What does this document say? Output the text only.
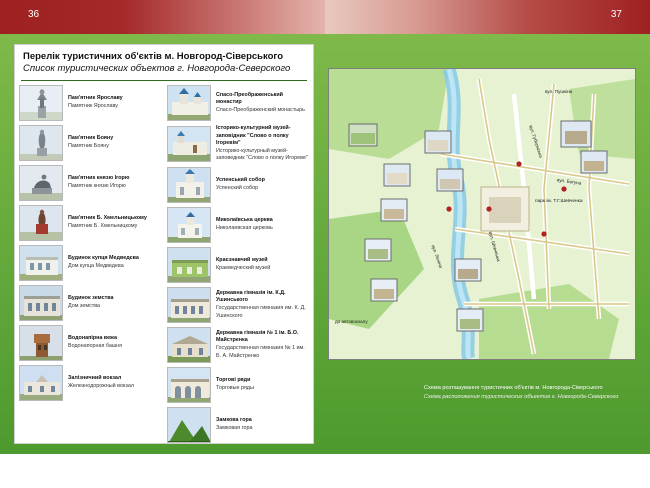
36	37
Перелік туристичних об'єктів м. Новгород-Сіверського
Список туристических объектов г. Новгорода-Северского
Пам'ятник Ярославу
Памятник Ярославу
Пам'ятник Бояну
Памятник Бояну
Пам'ятник князю Ігорю
Памятник князю Игорю
Пам'ятник Б. Хмельницькому
Памятник Б. Хмельницкому
Будинок купця Медведєва
Дом купца Медведева
Будинок земства
Дом земства
Водонапірна вежа
Водонапорная башня
Залізничний вокзал
Железнодорожный вокзал
Спасо-Преображенський монастир
Спасо-Преображенский монастырь
Історико-культурний музей-заповідник "Слово о полку Ігоревім"
Историко-культурный музей-заповедник "Слово о полку Игореве"
Успенський собор
Успенский собор
Миколаївська церква
Николаевская церковь
Краєзнавчий музей
Краеведческий музей
Державна гімназія ім. К.Д. Ушинського
Государственная гимназия им. К. Д. Ушинского
Державна гімназія № 1 ім. Б.О. Майстренка
Государственная гимназия № 1 им. Б. А. Майстренко
Торгові ряди
Торговые ряды
Замкова гора
Замковая гора
вул. Губернська
вул. Богуна
вул. Шевченка
вул. Пушкіна
вул. Леніна
до автовокзалу
парк ім. Т.Г.Шевченка
Схема розташування туристичних об'єктів м. Новгорода-Сіверського
Схема расположения туристических объектов г. Новгорода-Северского
